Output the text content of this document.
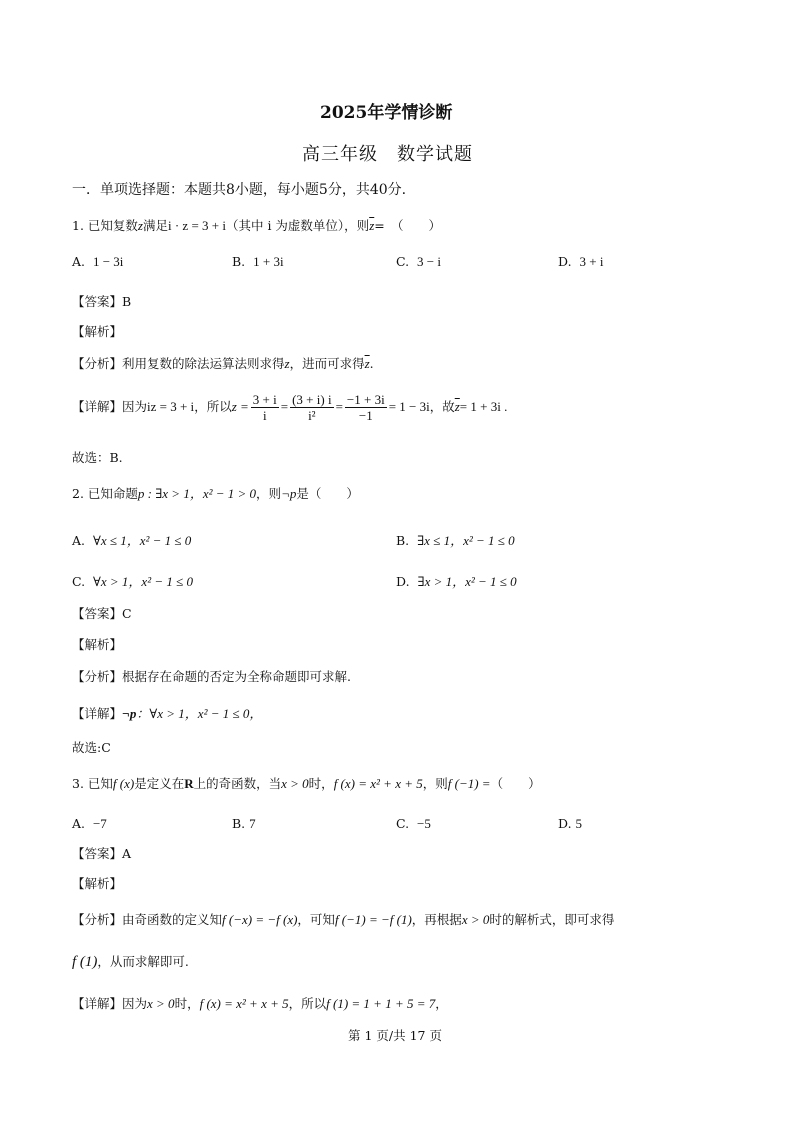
2025年学情诊断
高三年级　数学试题
一．单项选择题：本题共8小题，每小题5分，共40分.
1. 已知复数z满足i · z = 3 + i（其中 i 为虚数单位），则$\overline{z}=$　（　　）
A. 1 − 3i	B. 1 + 3i	C. 3 − i	D. 3 + i
【答案】B
【解析】
【分析】利用复数的除法运算法则求得z，进而可求得$\overline{z}$.
【详解】因为iz = 3 + i，所以$z = \frac{3 + i}{i} = \frac{(3 + i) i}{\text{i²}} = \frac{-1 + 3i}{-1} = 1 - 3i$，故$\overline{z}= 1 + 3i$ .
故选：B.
2. 已知命题p : ∃x > 1，x² − 1 > 0，则¬p是（　　）
A. ∀x ≤ 1，x² − 1 ≤ 0	B. ∃x ≤ 1，x² − 1 ≤ 0
C. ∀x > 1，x² − 1 ≤ 0	D. ∃x > 1，x² − 1 ≤ 0
【答案】C
【解析】
【分析】根据存在命题的否定为全称命题即可求解.
【详解】¬p：∀x > 1，x² − 1 ≤ 0，
故选:C
3. 已知f (x)是定义在R上的奇函数，当x > 0时，f (x) = x² + x + 5，则f (−1) =（　　）
A. −7	B. 7	C. −5	D. 5
【答案】A
【解析】
【分析】由奇函数的定义知f (−x) = −f (x)，可知f (−1) = −f (1)，再根据x > 0时的解析式，即可求得
f (1)，从而求解即可.
【详解】因为x > 0时，f (x) = x² + x + 5，所以f (1) = 1 + 1 + 5 = 7，
第 1 页/共 17 页
